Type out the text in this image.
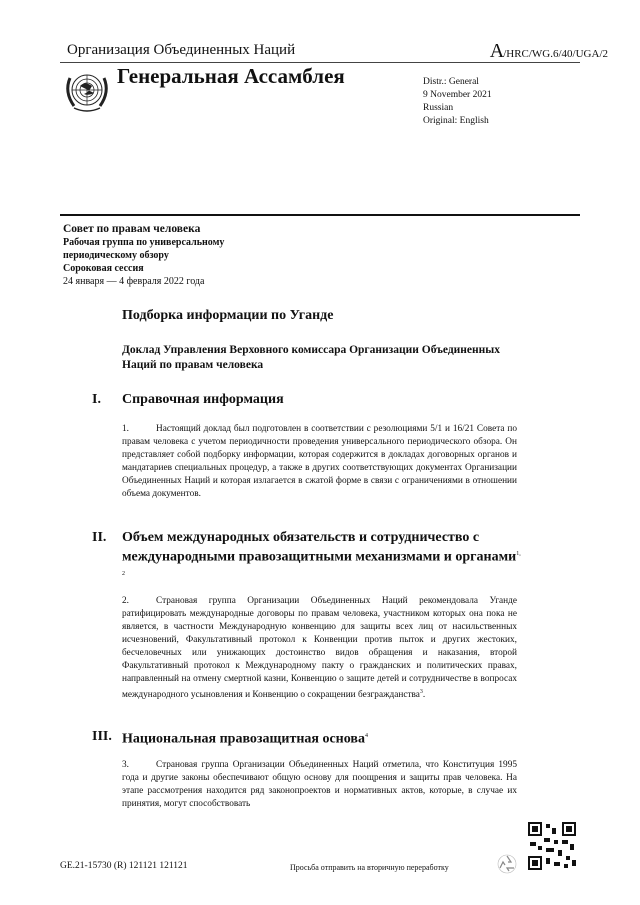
Организация Объединенных Наций	A/HRC/WG.6/40/UGA/2
Генеральная Ассамблея	Distr.: General
9 November 2021
Russian
Original: English
Совет по правам человека
Рабочая группа по универсальному
периодическому обзору
Сороковая сессия
24 января — 4 февраля 2022 года
Подборка информации по Уганде
Доклад Управления Верховного комиссара Организации Объединенных Наций по правам человека
I.	Справочная информация
1.	Настоящий доклад был подготовлен в соответствии с резолюциями 5/1 и 16/21 Совета по правам человека с учетом периодичности проведения универсального периодического обзора. Он представляет собой подборку информации, которая содержится в докладах договорных органов и мандатариев специальных процедур, а также в других соответствующих документах Организации Объединенных Наций и которая излагается в сжатой форме в связи с ограничениями в отношении объема документов.
II.	Объем международных обязательств и сотрудничество с международными правозащитными механизмами и органами$^{1, 2}$
2.	Страновая группа Организации Объединенных Наций рекомендовала Уганде ратифицировать международные договоры по правам человека, участником которых она пока не является, в частности Международную конвенцию для защиты всех лиц от насильственных исчезновений, Факультативный протокол к Конвенции против пыток и других жестоких, бесчеловечных или унижающих достоинство видов обращения и наказания, второй Факультативный протокол к Международному пакту о гражданских и политических правах, направленный на отмену смертной казни, Конвенцию о защите детей и сотрудничестве в вопросах международного усыновления и Конвенцию о сокращении безгражданства$^3$.
III. Национальная правозащитная основа$^4$
3.	Страновая группа Организации Объединенных Наций отметила, что Конституция 1995 года и другие законы обеспечивают общую основу для поощрения и защиты прав человека. На этапе рассмотрения находится ряд законопроектов и нормативных актов, которые, в случае их принятия, могут способствовать
GE.21-15730 (R) 121121 121121	Просьба отправить на вторичную переработку
